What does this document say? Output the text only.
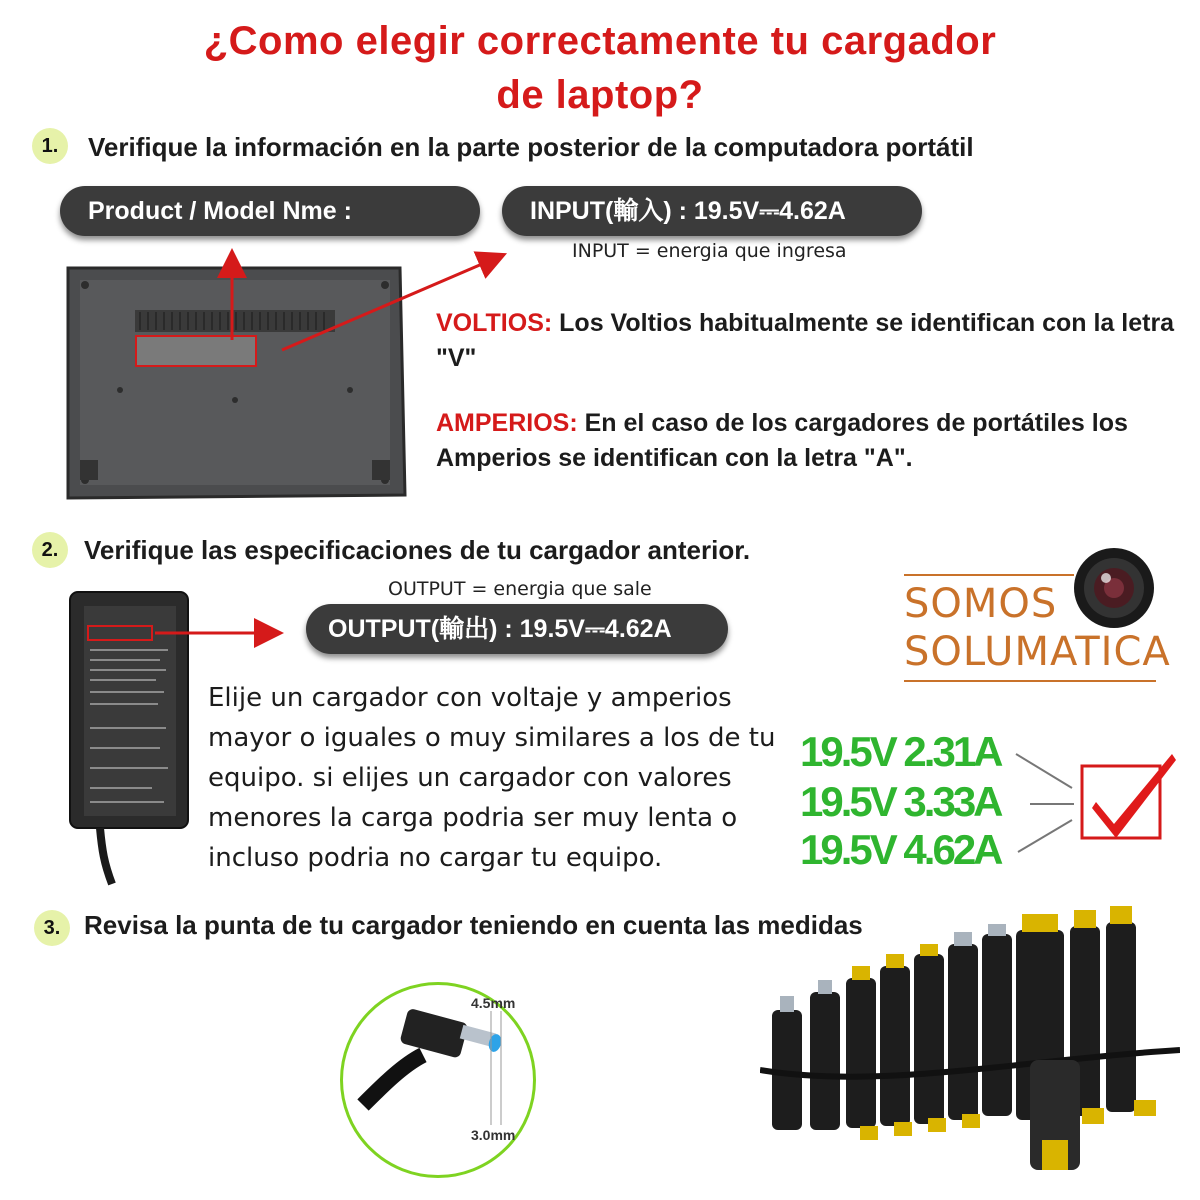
¿Como elegir correctamente tu cargador
de laptop?
1.	Verifique la información en la parte posterior de la computadora portátil
Product / Model Nme :	INPUT(輸入) : 19.5V⎓4.62A
INPUT = energia que ingresa
VOLTIOS: Los Voltios habitualmente se identifican con la letra "V"
AMPERIOS: En el caso de los cargadores de portátiles los Amperios se identifican con la letra "A".
2. Verifique las especificaciones de tu cargador anterior.
OUTPUT = energia que sale
OUTPUT(輸出) : 19.5V⎓4.62A
Elije un cargador con voltaje y amperios mayor o iguales o muy similares a los de tu equipo. si elijes un cargador con valores menores la carga podria ser muy lenta o incluso podria no cargar tu equipo.
SOMOS
SOLUMATICA
19.5V 2.31A
19.5V 3.33A
19.5V 4.62A
3. Revisa la punta de tu cargador teniendo en cuenta las medidas
4.5mm
3.0mm
